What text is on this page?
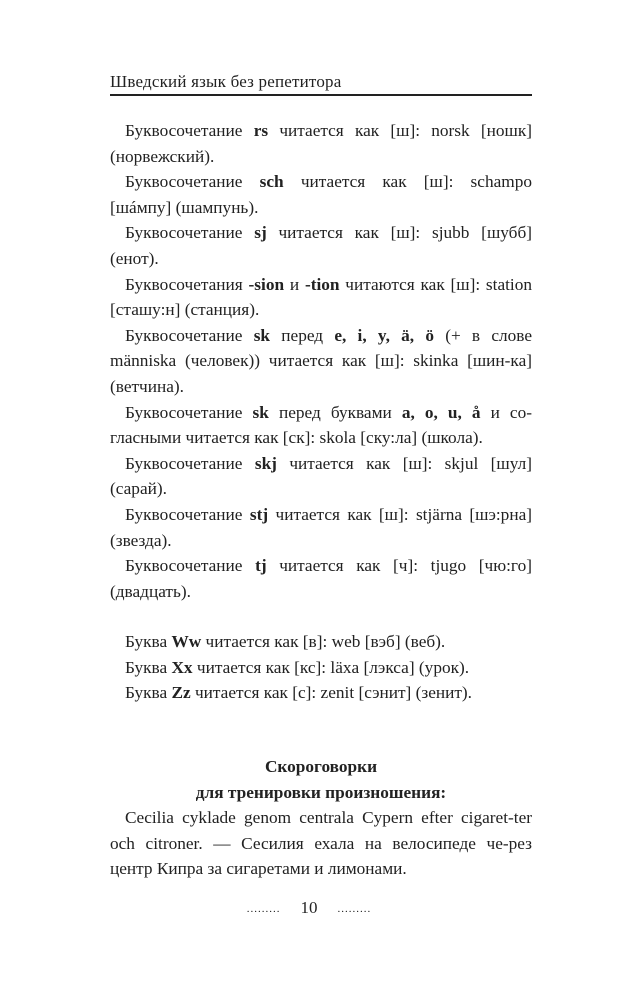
Шведский язык без репетитора

Буквосочетание rs читается как [ш]: norsk [ношк] (норвежский).

Буквосочетание sch читается как [ш]: schampo [шáмпу] (шампунь).

Буквосочетание sj читается как [ш]: sjubb [шубб] (енот).

Буквосочетания -sion и -tion читаются как [ш]: station [сташу:н] (станция).

Буквосочетание sk перед e, i, y, ä, ö (+ в слове människa (человек)) читается как [ш]: skinka [шин-ка] (ветчина).

Буквосочетание sk перед буквами a, o, u, å и со-гласными читается как [ск]: skola [ску:ла] (школа).

Буквосочетание skj читается как [ш]: skjul [шул] (сарай).

Буквосочетание stj читается как [ш]: stjärna [шэ:рна] (звезда).

Буквосочетание tj читается как [ч]: tjugo [чю:го] (двадцать).

Буква Ww читается как [в]: web [вэб] (веб).

Буква Xx читается как [кс]: läxa [лэкса] (урок).

Буква Zz читается как [с]: zenit [сэнит] (зенит).

Скороговорки

для тренировки произношения:

Cecilia cyklade genom centrala Cypern efter cigaret-ter och citroner. — Сесилия ехала на велосипеде че-рез центр Кипра за сигаретами и лимонами.

......... 10 .........
